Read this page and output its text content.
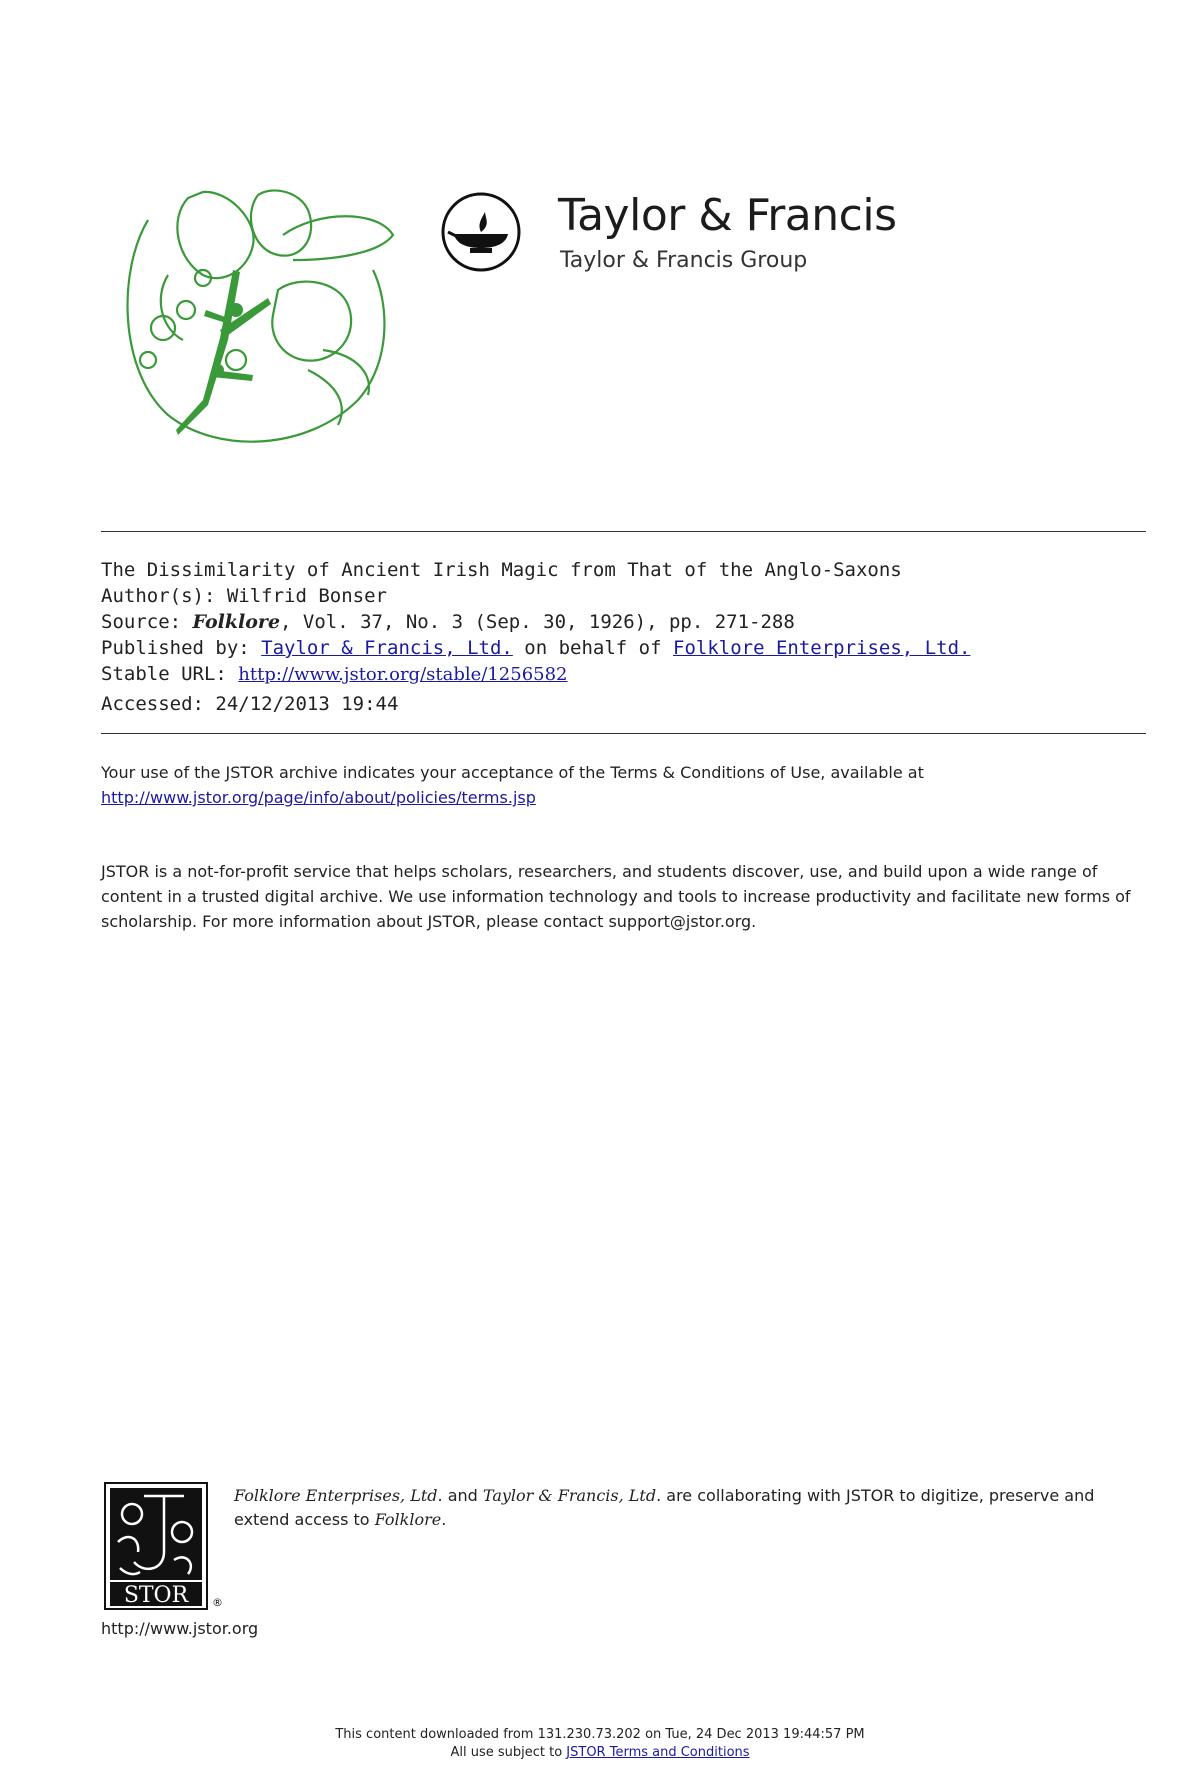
Taylor & Francis
Taylor & Francis Group
The Dissimilarity of Ancient Irish Magic from That of the Anglo-Saxons
Author(s): Wilfrid Bonser
Source: Folklore, Vol. 37, No. 3 (Sep. 30, 1926), pp. 271-288
Published by: Taylor & Francis, Ltd. on behalf of Folklore Enterprises, Ltd.
Stable URL: http://www.jstor.org/stable/1256582
Accessed: 24/12/2013 19:44
Your use of the JSTOR archive indicates your acceptance of the Terms & Conditions of Use, available at
http://www.jstor.org/page/info/about/policies/terms.jsp
JSTOR is a not-for-profit service that helps scholars, researchers, and students discover, use, and build upon a wide range of content in a trusted digital archive. We use information technology and tools to increase productivity and facilitate new forms of scholarship. For more information about JSTOR, please contact support@jstor.org.
STOR ®
http://www.jstor.org
Folklore Enterprises, Ltd. and Taylor & Francis, Ltd. are collaborating with JSTOR to digitize, preserve and extend access to Folklore.
This content downloaded from 131.230.73.202 on Tue, 24 Dec 2013 19:44:57 PM
All use subject to JSTOR Terms and Conditions
